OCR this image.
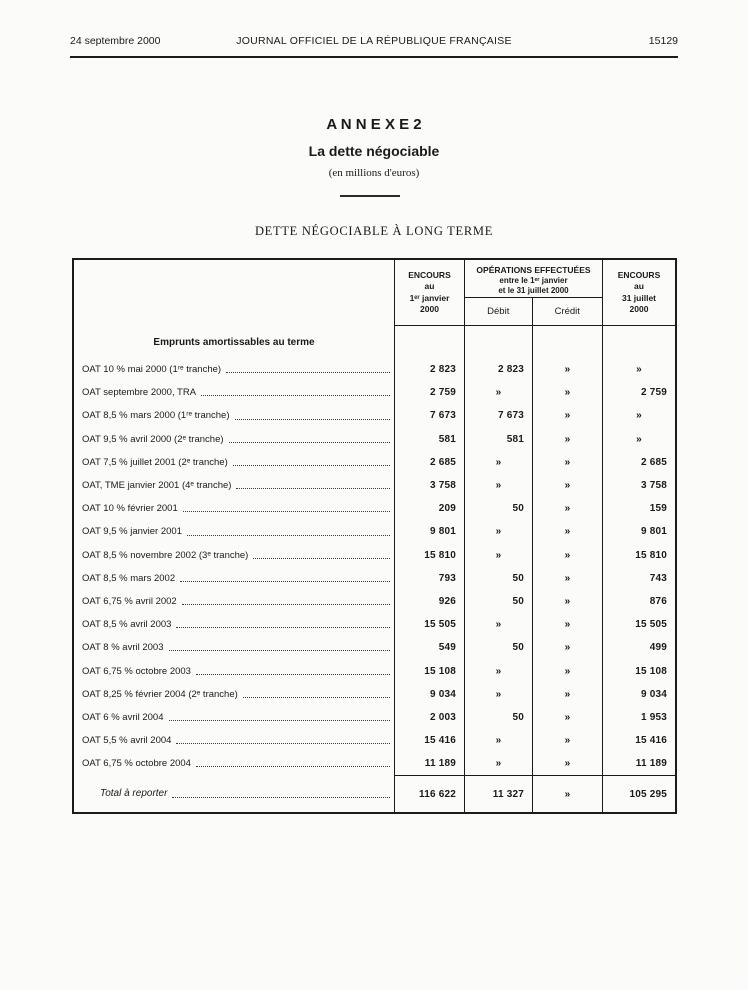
24 septembre 2000	JOURNAL OFFICIEL DE LA RÉPUBLIQUE FRANÇAISE	15129
A N N E X E 2
La dette négociable
(en millions d'euros)
DETTE NÉGOCIABLE À LONG TERME
ENCOURS
au
1ᵉʳ janvier
2000
OPÉRATIONS EFFECTUÉES
entre le 1ᵉʳ janvier
et le 31 juillet 2000
Débit	Crédit
ENCOURS
au
31 juillet
2000
Emprunts amortissables au terme
OAT 10 % mai 2000 (1ʳᵉ tranche)	2 823	2 823	»	»
OAT septembre 2000, TRA	2 759	»	»	2 759
OAT 8,5 % mars 2000 (1ʳᵉ tranche)	7 673	7 673	»	»
OAT 9,5 % avril 2000 (2ᵉ tranche)	581	581	»	»
OAT 7,5 % juillet 2001 (2ᵉ tranche)	2 685	»	»	2 685
OAT, TME janvier 2001 (4ᵉ tranche)	3 758	»	»	3 758
OAT 10 % février 2001	209	50	»	159
OAT 9,5 % janvier 2001	9 801	»	»	9 801
OAT 8,5 % novembre 2002 (3ᵉ tranche)	15 810	»	»	15 810
OAT 8,5 % mars 2002	793	50	»	743
OAT 6,75 % avril 2002	926	50	»	876
OAT 8,5 % avril 2003	15 505	»	»	15 505
OAT 8 % avril 2003	549	50	»	499
OAT 6,75 % octobre 2003	15 108	»	»	15 108
OAT 8,25 % février 2004 (2ᵉ tranche)	9 034	»	»	9 034
OAT 6 % avril 2004	2 003	50	»	1 953
OAT 5,5 % avril 2004	15 416	»	»	15 416
OAT 6,75 % octobre 2004	11 189	»	»	11 189
Total à reporter	116 622	11 327	»	105 295
